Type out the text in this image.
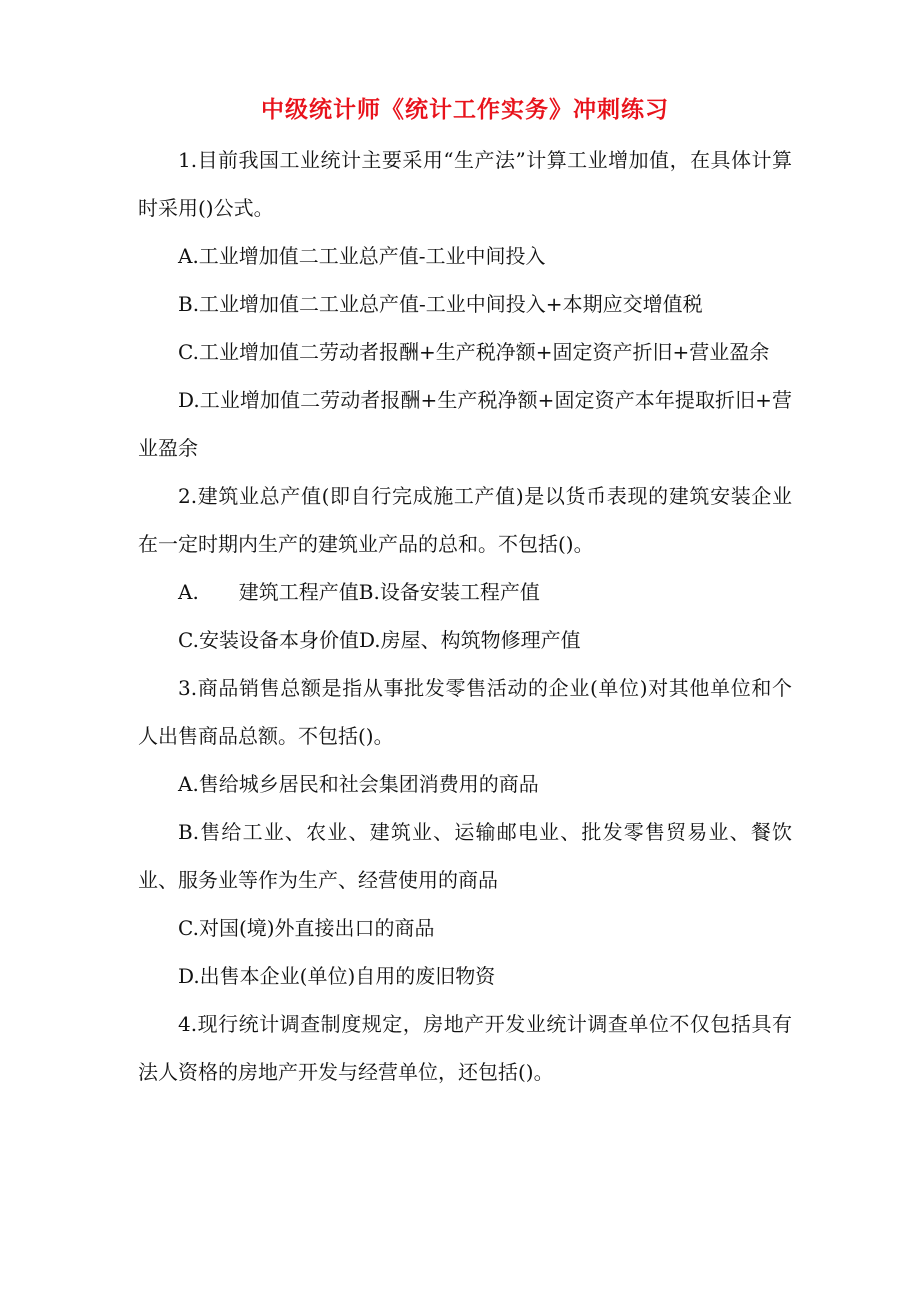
中级统计师《统计工作实务》冲刺练习

1.目前我国工业统计主要采用“生产法”计算工业增加值，在具体计算时采用()公式。

A.工业增加值二工业总产值-工业中间投入

B.工业增加值二工业总产值-工业中间投入+本期应交增值税

C.工业增加值二劳动者报酬+生产税净额+固定资产折旧+营业盈余

D.工业增加值二劳动者报酬+生产税净额+固定资产本年提取折旧+营业盈余

2.建筑业总产值(即自行完成施工产值)是以货币表现的建筑安装企业在一定时期内生产的建筑业产品的总和。不包括()。

A.　　建筑工程产值B.设备安装工程产值

C.安装设备本身价值D.房屋、构筑物修理产值

3.商品销售总额是指从事批发零售活动的企业(单位)对其他单位和个人出售商品总额。不包括()。

A.售给城乡居民和社会集团消费用的商品

B.售给工业、农业、建筑业、运输邮电业、批发零售贸易业、餐饮业、服务业等作为生产、经营使用的商品

C.对国(境)外直接出口的商品

D.出售本企业(单位)自用的废旧物资

4.现行统计调查制度规定，房地产开发业统计调查单位不仅包括具有法人资格的房地产开发与经营单位，还包括()。
